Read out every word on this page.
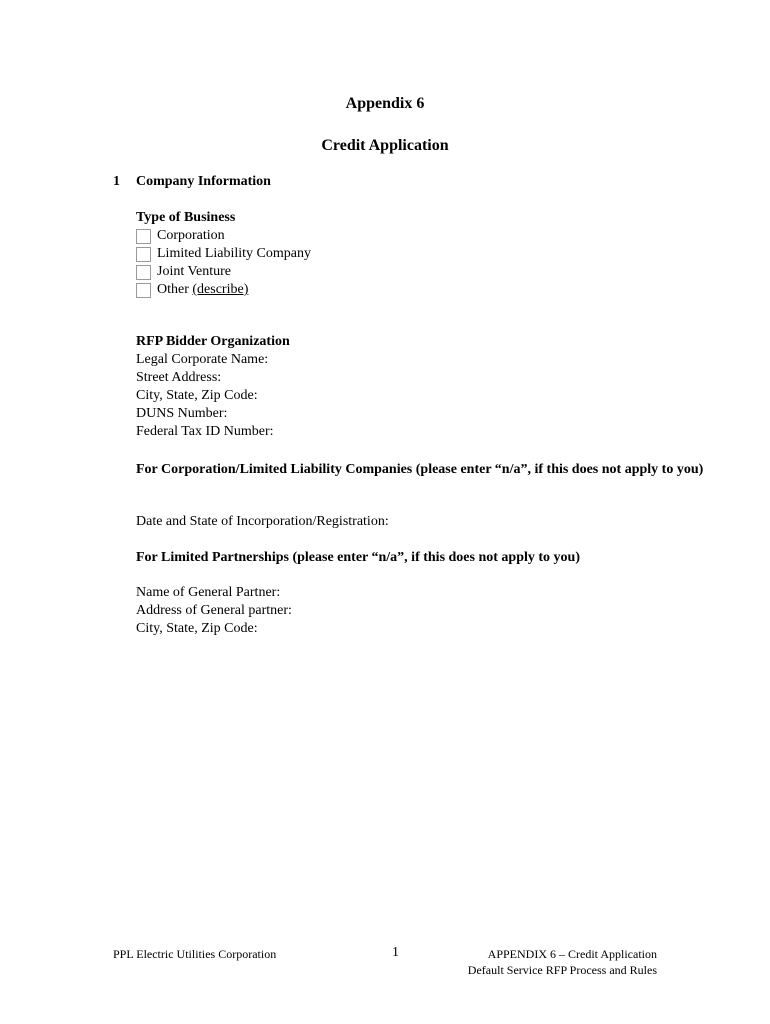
Appendix 6
Credit Application
1 Company Information
Type of Business
Corporation
Limited Liability Company
Joint Venture
Other (describe)
RFP Bidder Organization
Legal Corporate Name:
Street Address:
City, State, Zip Code:
DUNS Number:
Federal Tax ID Number:
For Corporation/Limited Liability Companies (please enter “n/a”, if this does not apply to you)
Date and State of Incorporation/Registration:
For Limited Partnerships (please enter “n/a”, if this does not apply to you)
Name of General Partner:
Address of General partner:
City, State, Zip Code:
PPL Electric Utilities Corporation	1	APPENDIX 6 – Credit Application
Default Service RFP Process and Rules
